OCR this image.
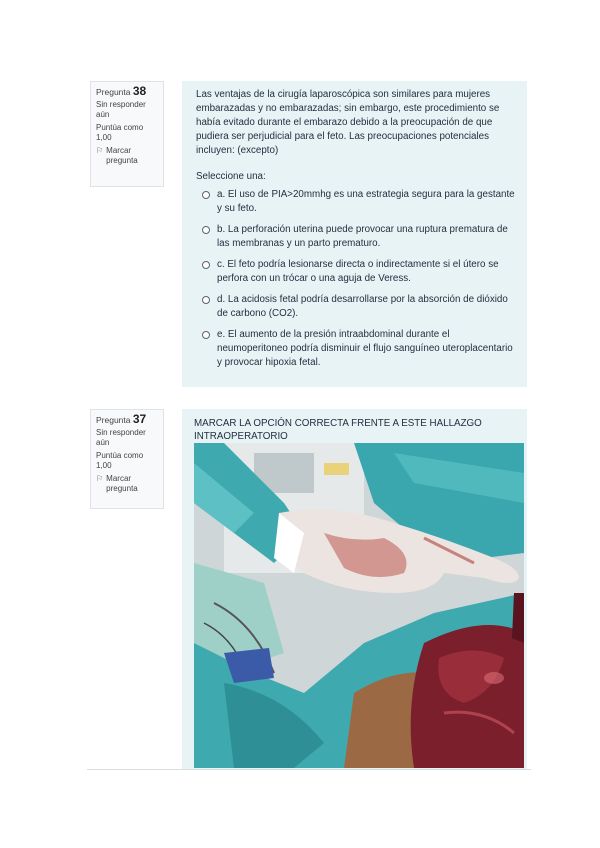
Pregunta 38
Sin responder aún
Puntúa como 1,00
⚐ Marcar pregunta
Las ventajas de la cirugía laparoscópica son similares para mujeres embarazadas y no embarazadas; sin embargo, este procedimiento se había evitado durante el embarazo debido a la preocupación de que pudiera ser perjudicial para el feto. Las preocupaciones potenciales incluyen: (excepto)
Seleccione una:
a. El uso de PIA>20mmhg es una estrategia segura para la gestante y su feto.
b. La perforación uterina puede provocar una ruptura prematura de las membranas y un parto prematuro.
c. El feto podría lesionarse directa o indirectamente si el útero se perfora con un trócar o una aguja de Veress.
d. La acidosis fetal podría desarrollarse por la absorción de dióxido de carbono (CO2).
e. El aumento de la presión intraabdominal durante el neumoperitoneo podría disminuir el flujo sanguíneo uteroplacentario y provocar hipoxia fetal.
Pregunta 37
Sin responder aún
Puntúa como 1,00
⚐ Marcar pregunta
MARCAR LA OPCIÓN CORRECTA FRENTE A ESTE HALLAZGO INTRAOPERATORIO
